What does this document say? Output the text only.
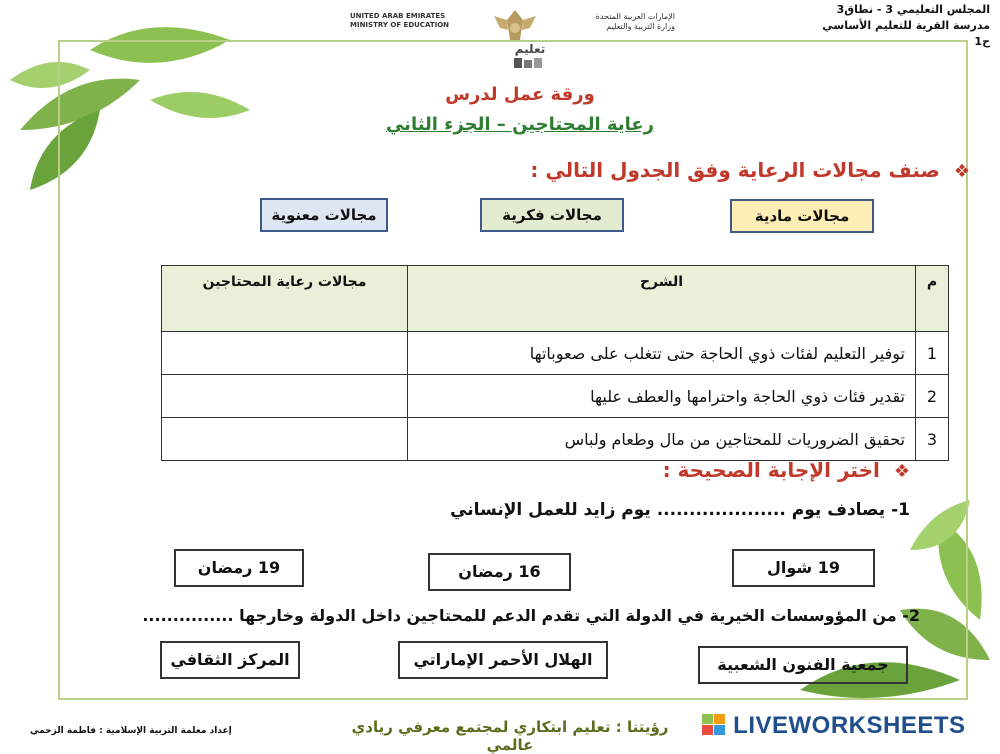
المجلس التعليمي 3 - نطاق3
مدرسة القرية للتعليم الأساسي ح1
UNITED ARAB EMIRATES
MINISTRY OF EDUCATION
الإمارات العربية المتحدة
وزارة التربية والتعليم
تعليم
ورقة عمل لدرس
رعاية المحتاجين – الجزء الثاني
❖صنف مجالات الرعاية وفق الجدول التالي :
مجالات مادية
مجالات فكرية
مجالات معنوية
م	الشرح	مجالات رعاية المحتاجين
1	توفير التعليم لفئات ذوي الحاجة حتى تتغلب على صعوباتها	
2	تقدير فئات ذوي الحاجة واحترامها والعطف عليها	
3	تحقيق الضروريات للمحتاجين من مال وطعام ولباس	
❖اختر الإجابة الصحيحة :
1- يصادف يوم .................... يوم زايد للعمل الإنساني
19 شوال
16 رمضان
19 رمضان
2- من المؤوسسات الخيرية في الدولة التي تقدم الدعم للمحتاجين داخل الدولة وخارجها ...............
جمعية الفنون الشعبية
الهلال الأحمر الإماراتي
المركز الثقافي
إعداد معلمة التربية الإسلامية : فاطمة الزحمي	رؤيتنا : تعليم ابتكاري لمجتمع معرفي ريادي عالمي
LIVEWORKSHEETS
